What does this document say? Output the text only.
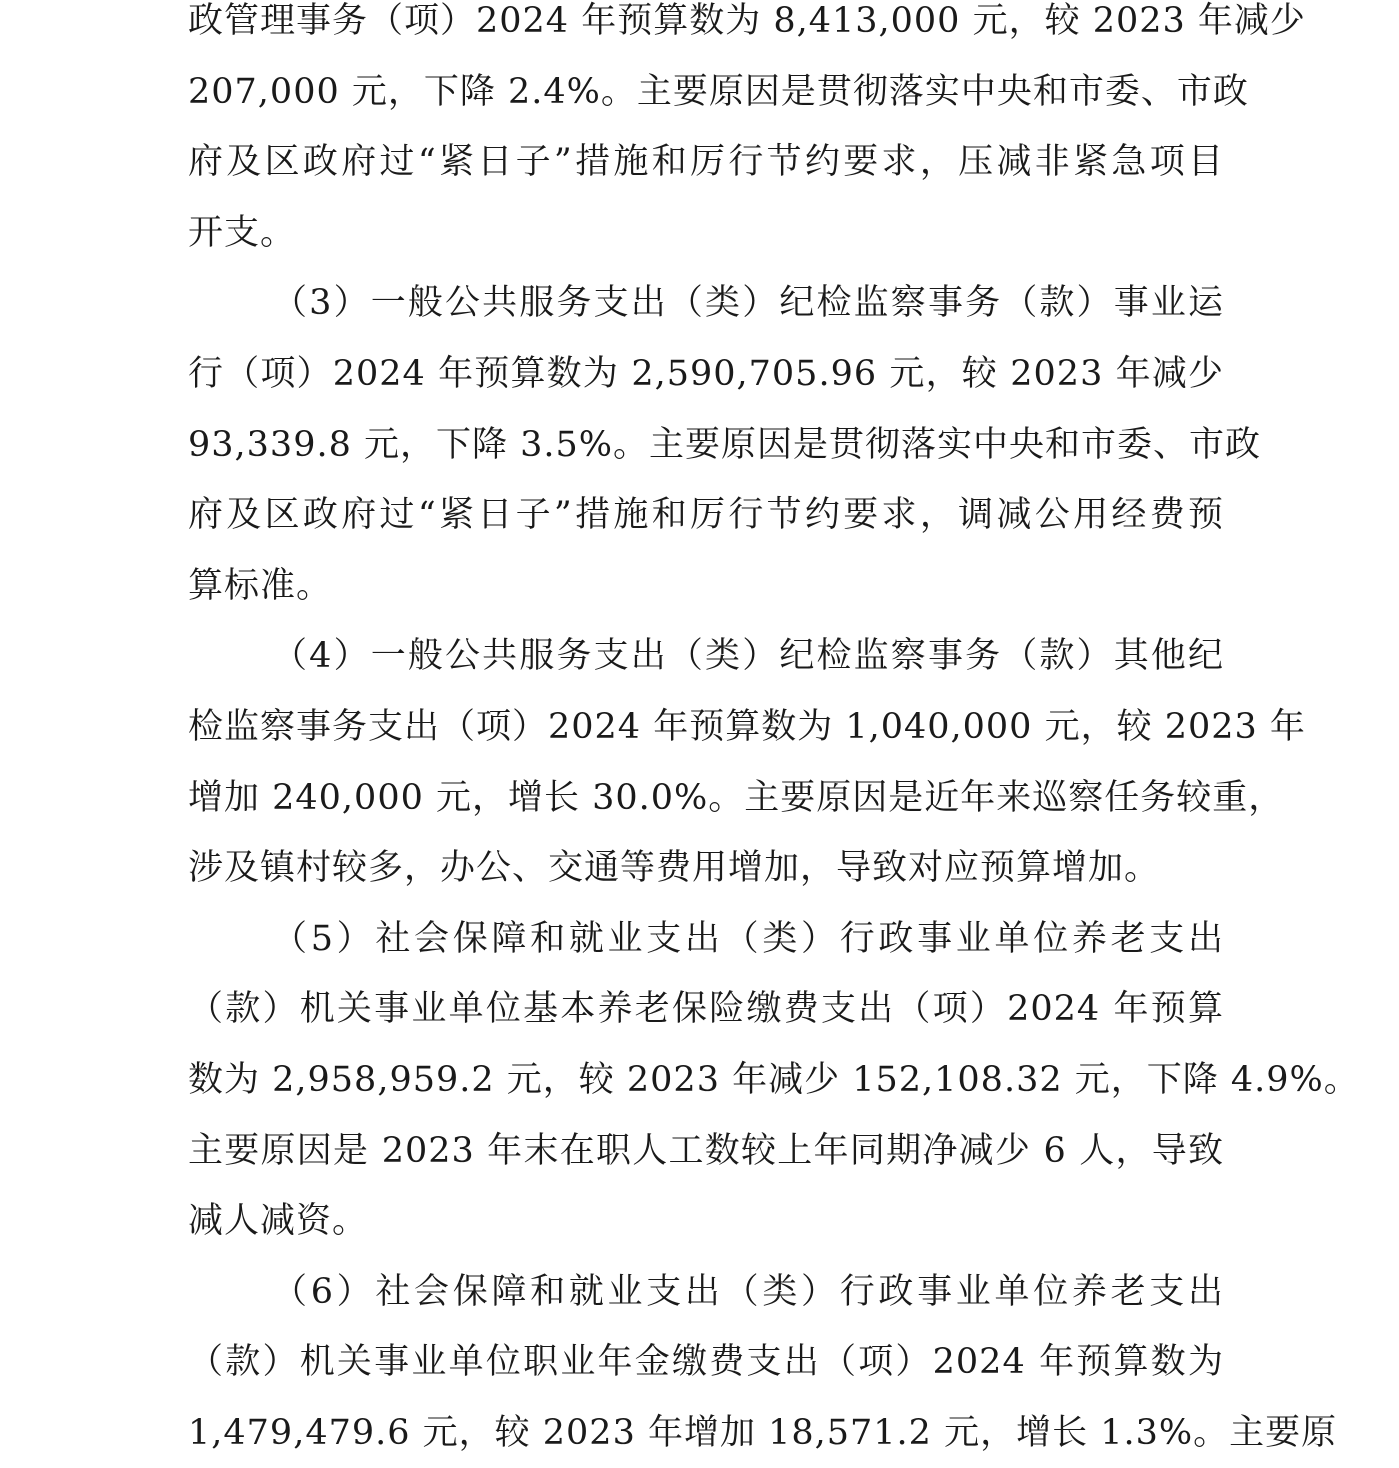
政管理事务（项）2024 年预算数为 8,413,000 元，较 2023 年减少
207,000 元，下降 2.4%。主要原因是贯彻落实中央和市委、市政
府及区政府过“紧日子”措施和厉行节约要求，压减非紧急项目
开支。
（3）一般公共服务支出（类）纪检监察事务（款）事业运
行（项）2024 年预算数为 2,590,705.96 元，较 2023 年减少
93,339.8 元，下降 3.5%。主要原因是贯彻落实中央和市委、市政
府及区政府过“紧日子”措施和厉行节约要求，调减公用经费预
算标准。
（4）一般公共服务支出（类）纪检监察事务（款）其他纪
检监察事务支出（项）2024 年预算数为 1,040,000 元，较 2023 年
增加 240,000 元，增长 30.0%。主要原因是近年来巡察任务较重，
涉及镇村较多，办公、交通等费用增加，导致对应预算增加。
（5）社会保障和就业支出（类）行政事业单位养老支出
（款）机关事业单位基本养老保险缴费支出（项）2024 年预算
数为 2,958,959.2 元，较 2023 年减少 152,108.32 元，下降 4.9%。
主要原因是 2023 年末在职人工数较上年同期净减少 6 人，导致
减人减资。
（6）社会保障和就业支出（类）行政事业单位养老支出
（款）机关事业单位职业年金缴费支出（项）2024 年预算数为
1,479,479.6 元，较 2023 年增加 18,571.2 元，增长 1.3%。主要原
